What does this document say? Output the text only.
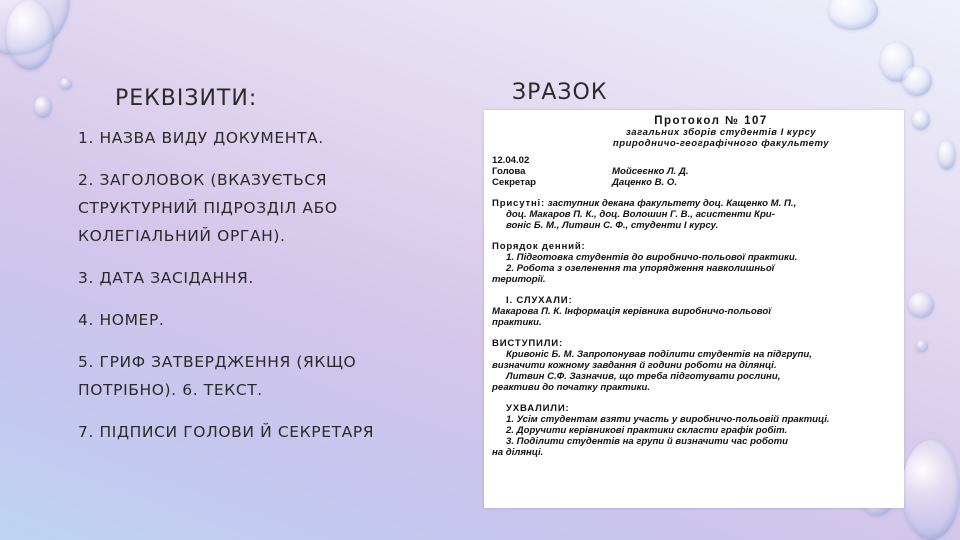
РЕКВІЗИТИ:
1. НАЗВА ВИДУ ДОКУМЕНТА.
2. ЗАГОЛОВОК (ВКАЗУЄТЬСЯ СТРУКТУРНИЙ ПІДРОЗДІЛ АБО КОЛЕГІАЛЬНИЙ ОРГАН).
3. ДАТА ЗАСІДАННЯ.
4. НОМЕР.
5. ГРИФ ЗАТВЕРДЖЕННЯ (ЯКЩО ПОТРІБНО). 6. ТЕКСТ.
7. ПІДПИСИ ГОЛОВИ Й СЕКРЕТАРЯ
ЗРАЗОК
Протокол № 107
загальних зборів студентів І курсу
природничо-географічного факультету
12.04.02
Голова	Мойсеєнко Л. Д.
Секретар	Даценко В. О.

Присутні: заступник декана факультету доц. Кащенко М. П.,

доц. Макаров П. К., доц. Волошин Г. В., асистенти Кри-

воніс Б. М., Литвин С. Ф., студенти І курсу.

Порядок денний:

1. Підготовка студентів до виробничо-польової практики.

2. Робота з озеленення та упорядження навколишньої

території.

І. СЛУХАЛИ:

Макарова П. К. Інформація керівника виробничо-польової

практики.

ВИСТУПИЛИ:

Кривоніс Б. М. Запропонував поділити студентів на підгрупи,

визначити кожному завдання й години роботи на ділянці.

Литвин С.Ф. Зазначив, що треба підготувати рослини,

реактиви до початку практики.

УХВАЛИЛИ:

1. Усім студентам взяти участь у виробничо-польовій практиці.

2. Доручити керівникові практики скласти графік робіт.

3. Поділити студентів на групи й визначити час роботи

на ділянці.
